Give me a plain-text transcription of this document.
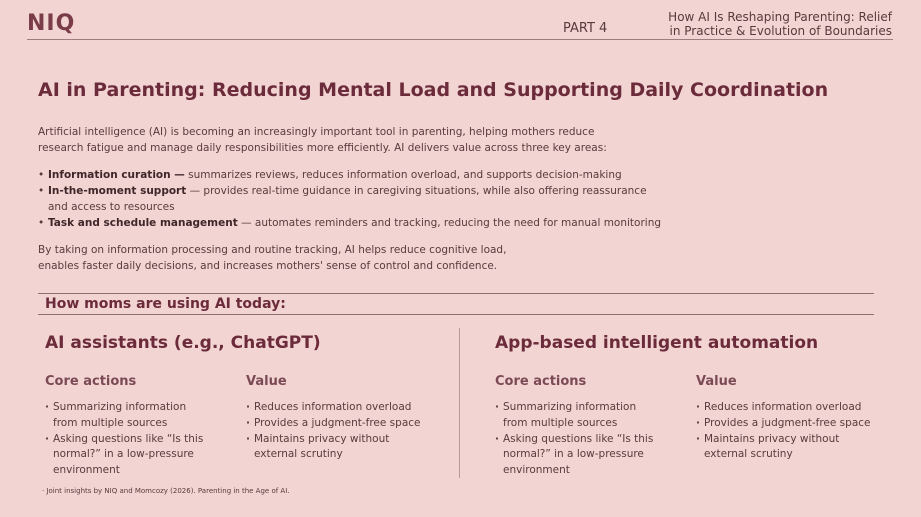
NIQ	PART 4
How AI Is Reshaping Parenting: Relief
in Practice & Evolution of Boundaries
AI in Parenting: Reducing Mental Load and Supporting Daily Coordination
Artificial intelligence (AI) is becoming an increasingly important tool in parenting, helping mothers reduce
research fatigue and manage daily responsibilities more efficiently. AI delivers value across three key areas:
• Information curation — summarizes reviews, reduces information overload, and supports decision-making
• In-the-moment support — provides real-time guidance in caregiving situations, while also offering reassurance
and access to resources
• Task and schedule management — automates reminders and tracking, reducing the need for manual monitoring
By taking on information processing and routine tracking, AI helps reduce cognitive load,
enables faster daily decisions, and increases mothers' sense of control and confidence.
How moms are using AI today:
AI assistants (e.g., ChatGPT)
Core actions
· Summarizing information
from multiple sources
· Asking questions like “Is this
normal?” in a low-pressure
environment
Value
· Reduces information overload
· Provides a judgment-free space
· Maintains privacy without
external scrutiny
App-based intelligent automation
Core actions
· Summarizing information
from multiple sources
· Asking questions like “Is this
normal?” in a low-pressure
environment
Value
· Reduces information overload
· Provides a judgment-free space
· Maintains privacy without
external scrutiny
· Joint insights by NIQ and Momcozy (2026). Parenting in the Age of AI.
